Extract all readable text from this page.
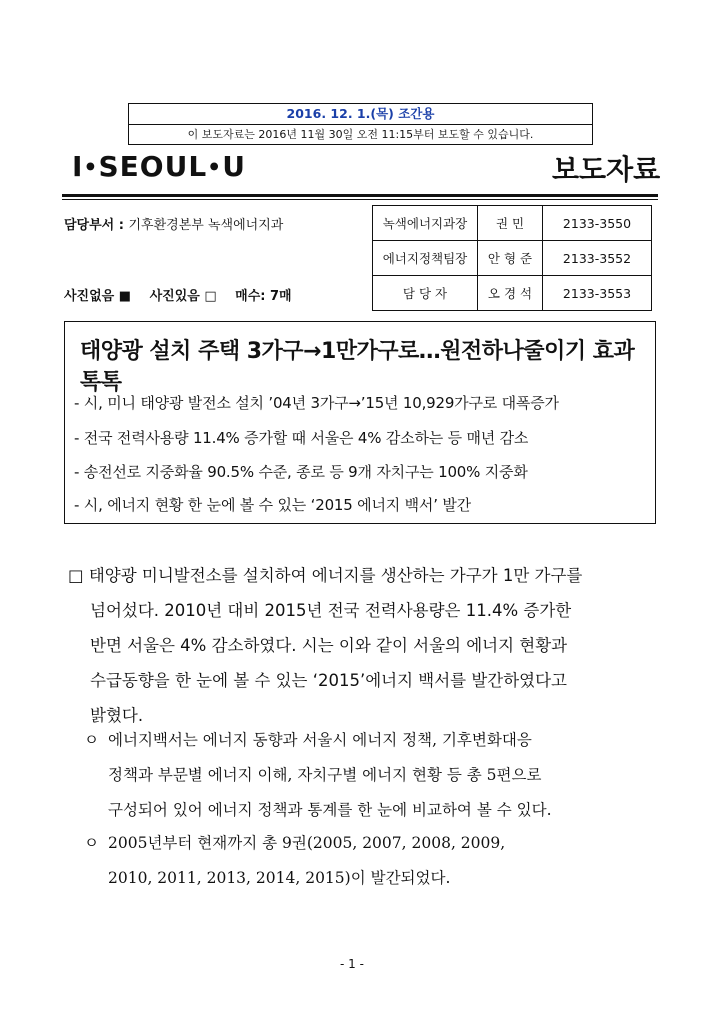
2016. 12. 1.(목) 조간용
이 보도자료는 2016년 11월 30일 오전 11:15부터 보도할 수 있습니다.
I•SEOUL•U	보도자료
담당부서 : 기후환경본부 녹색에너지과
사진없음 ■ 사진있음 □ 매수: 7매
녹색에너지과장	권 민	2133-3550
에너지정책팀장	안 형 준	2133-3552
담 당 자	오 경 석	2133-3553
태양광 설치 주택 3가구→1만가구로…원전하나줄이기 효과 톡톡
- 시, 미니 태양광 발전소 설치 ’04년 3가구→’15년 10,929가구로 대폭증가
- 전국 전력사용량 11.4% 증가할 때 서울은 4% 감소하는 등 매년 감소
- 송전선로 지중화율 90.5% 수준, 종로 등 9개 자치구는 100% 지중화
- 시, 에너지 현황 한 눈에 볼 수 있는 ‘2015 에너지 백서’ 발간
□ 태양광 미니발전소를 설치하여 에너지를 생산하는 가구가 1만 가구를
넘어섰다. 2010년 대비 2015년 전국 전력사용량은 11.4% 증가한
반면 서울은 4% 감소하였다. 시는 이와 같이 서울의 에너지 현황과
수급동향을 한 눈에 볼 수 있는 ‘2015’에너지 백서를 발간하였다고
밝혔다.
ㅇ 에너지백서는 에너지 동향과 서울시 에너지 정책, 기후변화대응
정책과 부문별 에너지 이해, 자치구별 에너지 현황 등 총 5편으로
구성되어 있어 에너지 정책과 통계를 한 눈에 비교하여 볼 수 있다.
ㅇ 2005년부터 현재까지 총 9권(2005, 2007, 2008, 2009,
2010, 2011, 2013, 2014, 2015)이 발간되었다.
- 1 -
